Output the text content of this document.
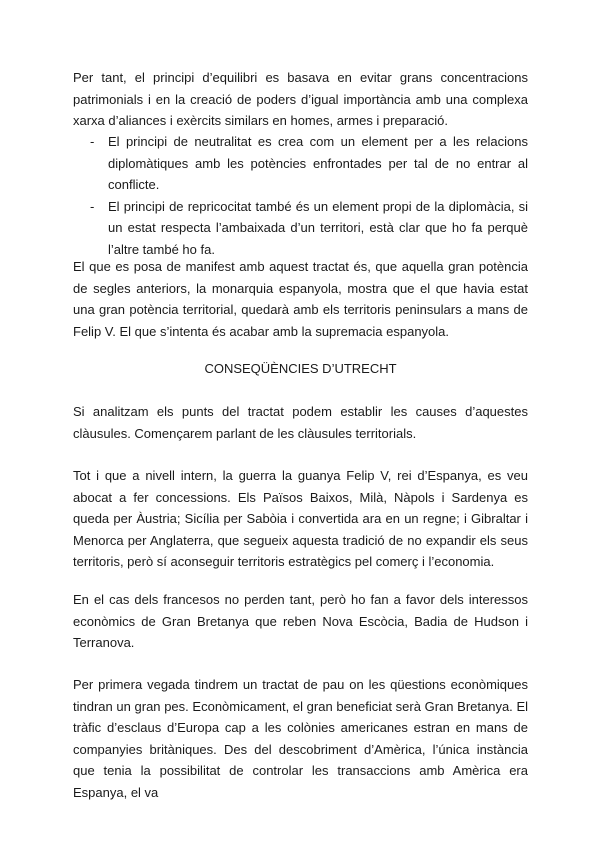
Per tant, el principi d’equilibri es basava en evitar grans concentracions patrimonials i en la creació de poders d’igual importància amb una complexa xarxa d’aliances i exèrcits similars en homes, armes i preparació.

- El principi de neutralitat es crea com un element per a les relacions diplomàtiques amb les potències enfrontades per tal de no entrar al conflicte.
- El principi de repricocitat també és un element propi de la diplomàcia, si un estat respecta l’ambaixada d’un territori, està clar que ho fa perquè l’altre també ho fa.

El que es posa de manifest amb aquest tractat és, que aquella gran potència de segles anteriors, la monarquia espanyola, mostra que el que havia estat una gran potència territorial, quedarà amb els territoris peninsulars a mans de Felip V. El que s’intenta és acabar amb la supremacia espanyola.

CONSEQÜÈNCIES D’UTRECHT

Si analitzam els punts del tractat podem establir les causes d’aquestes clàusules. Començarem parlant de les clàusules territorials.

Tot i que a nivell intern, la guerra la guanya Felip V, rei d’Espanya, es veu abocat a fer concessions. Els Països Baixos, Milà, Nàpols i Sardenya es queda per Àustria; Sicília per Sabòia i convertida ara en un regne; i Gibraltar i Menorca per Anglaterra, que segueix aquesta tradició de no expandir els seus territoris, però sí aconseguir territoris estratègics pel comerç i l’economia.

En el cas dels francesos no perden tant, però ho fan a favor dels interessos econòmics de Gran Bretanya que reben Nova Escòcia, Badia de Hudson i Terranova.

Per primera vegada tindrem un tractat de pau on les qüestions econòmiques tindran un gran pes. Econòmicament, el gran beneficiat serà Gran Bretanya. El tràfic d’esclaus d’Europa cap a les colònies americanes estran en mans de companyies britàniques. Des del descobriment d’Amèrica, l’única instància que tenia la possibilitat de controlar les transaccions amb Amèrica era Espanya, el va
